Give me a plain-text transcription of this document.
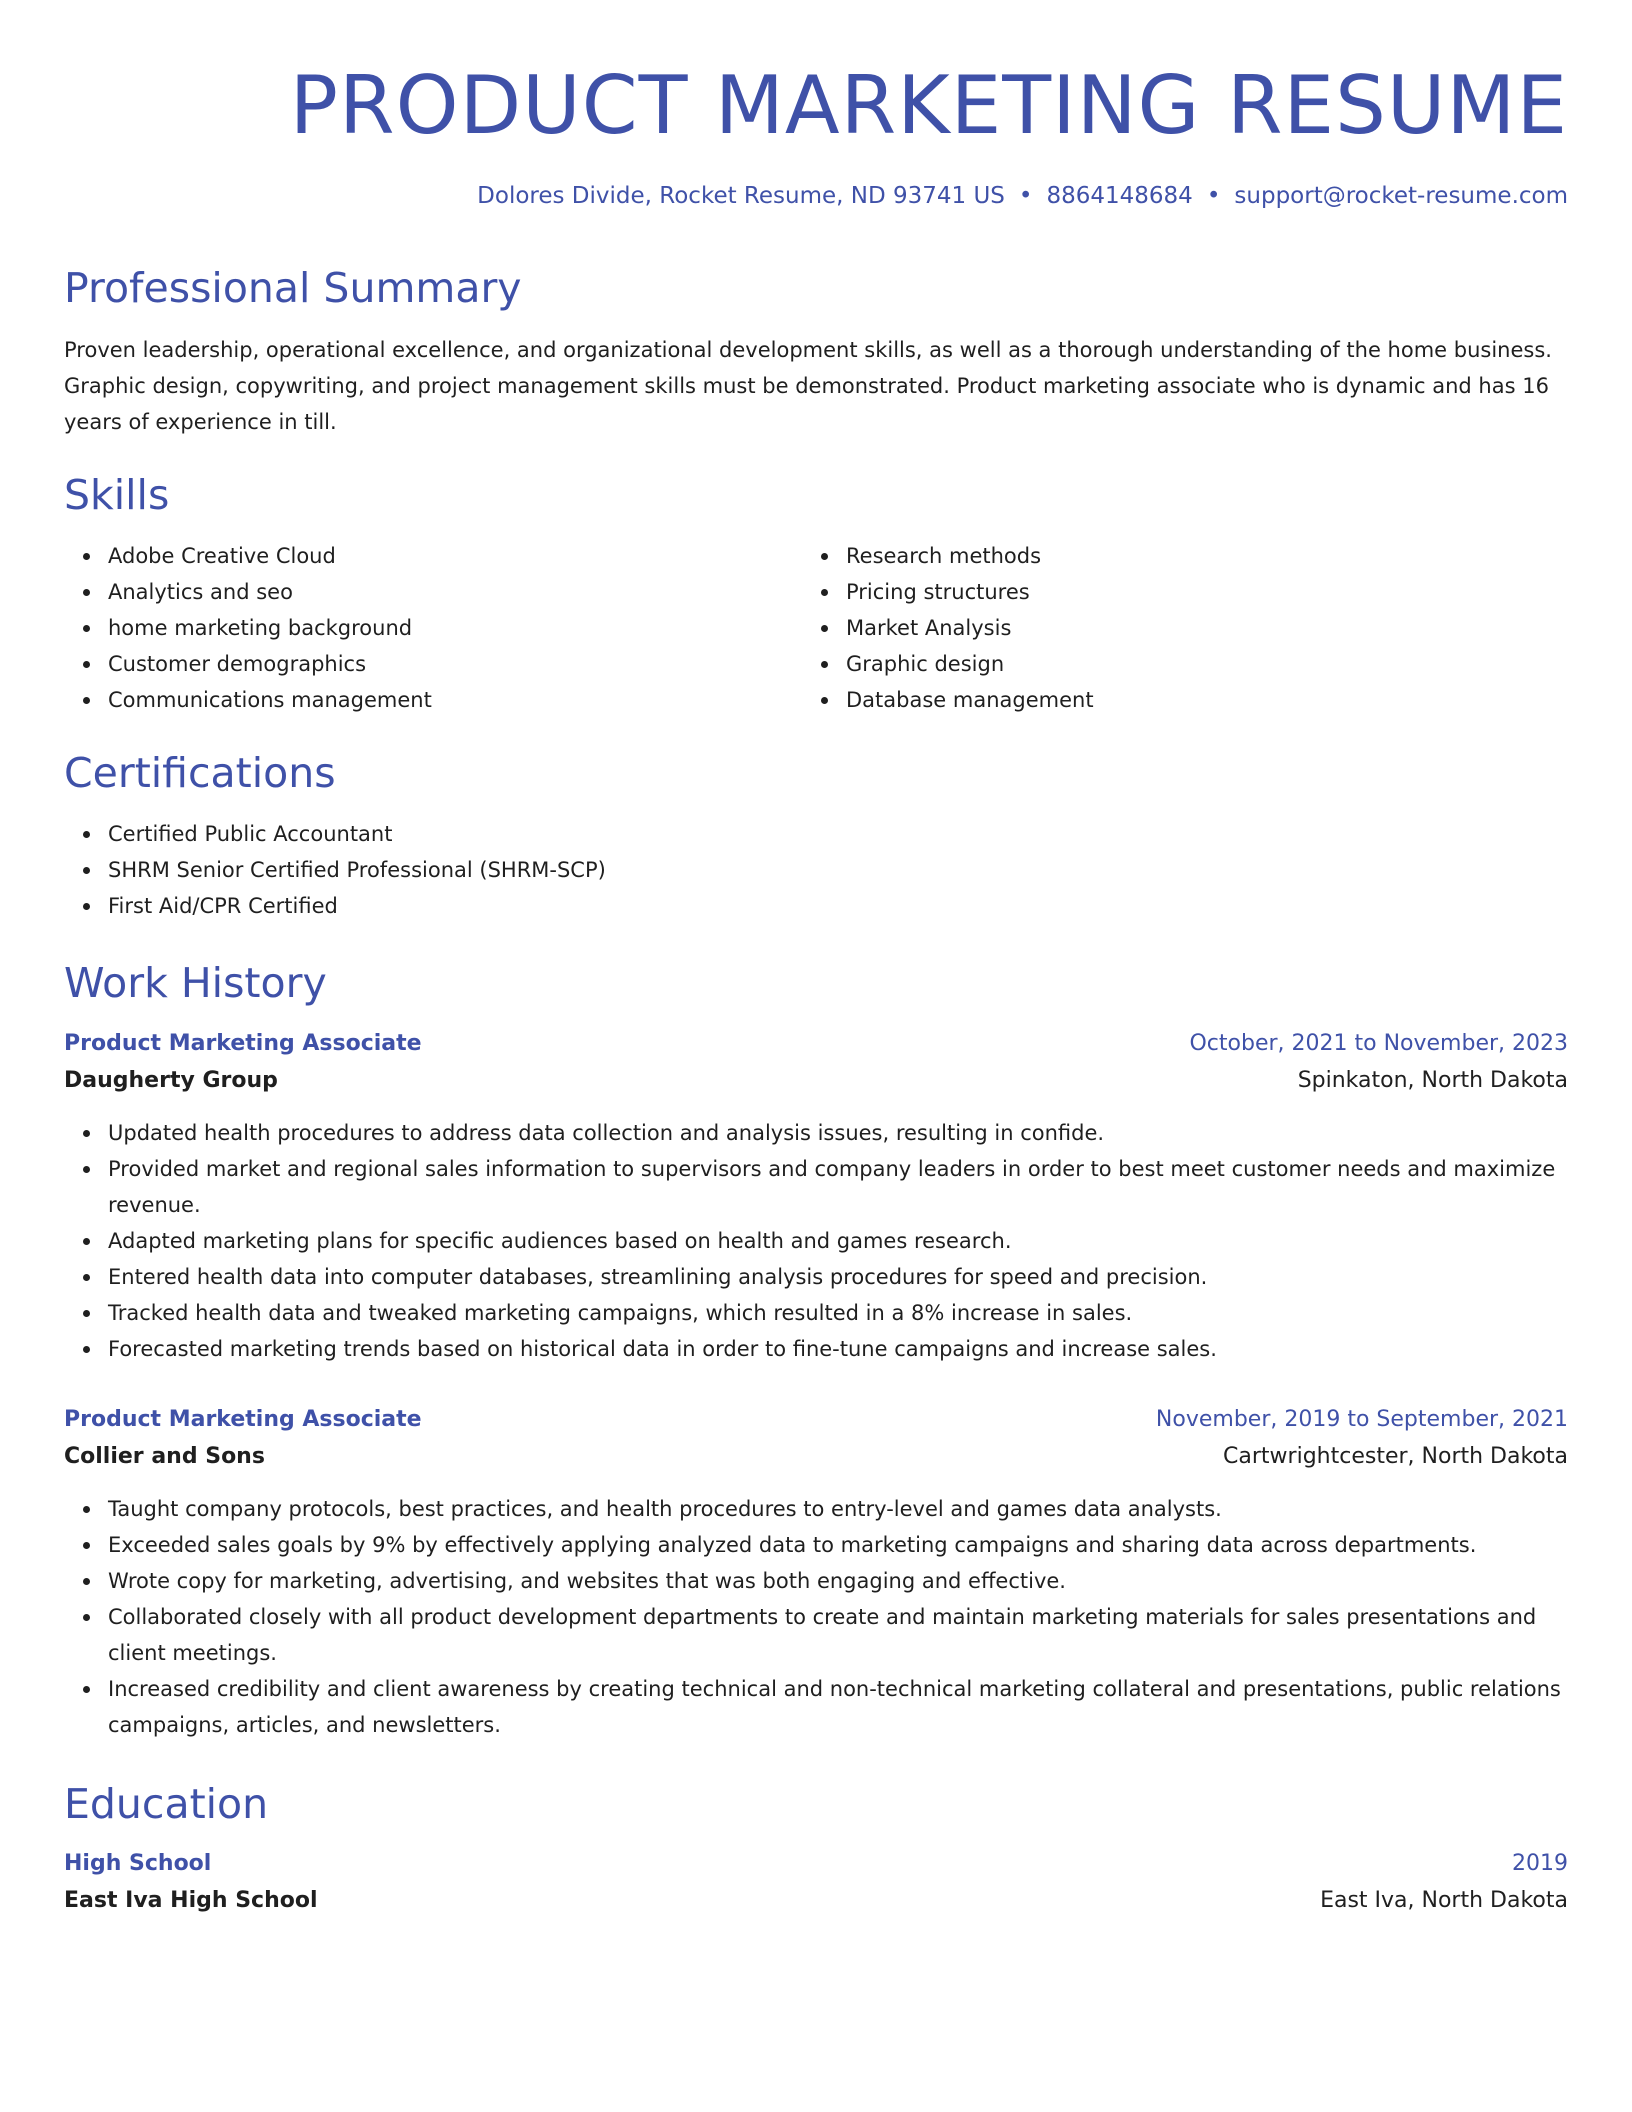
PRODUCT MARKETING RESUME
Dolores Divide, Rocket Resume, ND 93741 US • 8864148684 • support@rocket-resume.com
Professional Summary
Proven leadership, operational excellence, and organizational development skills, as well as a thorough understanding of the home business. Graphic design, copywriting, and project management skills must be demonstrated. Product marketing associate who is dynamic and has 16 years of experience in till.
Skills
Adobe Creative Cloud
Analytics and seo
home marketing background
Customer demographics
Communications management
Research methods
Pricing structures
Market Analysis
Graphic design
Database management
Certifications
Certified Public Accountant
SHRM Senior Certified Professional (SHRM-SCP)
First Aid/CPR Certified
Work History
Product Marketing Associate	October, 2021 to November, 2023
Daugherty Group	Spinkaton, North Dakota
Updated health procedures to address data collection and analysis issues, resulting in confide.
Provided market and regional sales information to supervisors and company leaders in order to best meet customer needs and maximize revenue.
Adapted marketing plans for specific audiences based on health and games research.
Entered health data into computer databases, streamlining analysis procedures for speed and precision.
Tracked health data and tweaked marketing campaigns, which resulted in a 8% increase in sales.
Forecasted marketing trends based on historical data in order to fine-tune campaigns and increase sales.
Product Marketing Associate	November, 2019 to September, 2021
Collier and Sons	Cartwrightcester, North Dakota
Taught company protocols, best practices, and health procedures to entry-level and games data analysts.
Exceeded sales goals by 9% by effectively applying analyzed data to marketing campaigns and sharing data across departments.
Wrote copy for marketing, advertising, and websites that was both engaging and effective.
Collaborated closely with all product development departments to create and maintain marketing materials for sales presentations and client meetings.
Increased credibility and client awareness by creating technical and non-technical marketing collateral and presentations, public relations campaigns, articles, and newsletters.
Education
High School	2019
East Iva High School	East Iva, North Dakota
